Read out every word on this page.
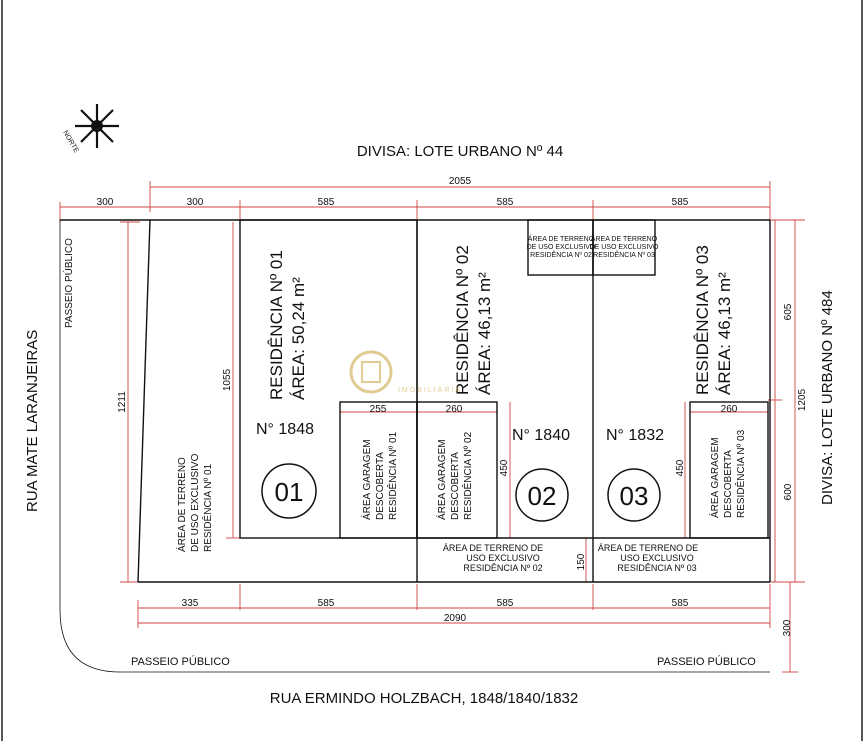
NORTE	DIVISA: LOTE URBANO Nº 44
2055
300	300	585	585	585
335	585	585	585
2090
1211
1055
605
1205
600
300
255	260	260
450	450
150
RESIDÊNCIA Nº 01 ÁREA: 50,24 m²
N° 1848
01
RESIDÊNCIA Nº 02 ÁREA: 46,13 m²
N° 1840
02
RESIDÊNCIA Nº 03 ÁREA: 46,13 m²
N° 1832
03
ÁREA GARAGEM DESCOBERTA RESIDÊNCIA Nº 01	ÁREA GARAGEM DESCOBERTA RESIDÊNCIA Nº 02	ÁREA GARAGEM DESCOBERTA RESIDÊNCIA Nº 03
ÁREA DE TERRENO DE USO EXCLUSIVO RESIDÊNCIA Nº 01	ÁREA DE TERRENO DE
USO EXCLUSIVO
RESIDÊNCIA Nº 02
ÁREA DE TERRENO DE
USO EXCLUSIVO
RESIDÊNCIA Nº 03
ÁREA DE TERRENO
DE USO EXCLUSIVO
RESIDÊNCIA Nº 02
ÁREA DE TERRENO
DE USO EXCLUSIVO
RESIDÊNCIA Nº 03
IMOBILIÁRIA
PASSEIO PÚBLICO
PASSEIO PÚBLICO	PASSEIO PÚBLICO
RUA MATE LARANJEIRAS
RUA ERMINDO HOLZBACH, 1848/1840/1832
DIVISA: LOTE URBANO Nº 484
